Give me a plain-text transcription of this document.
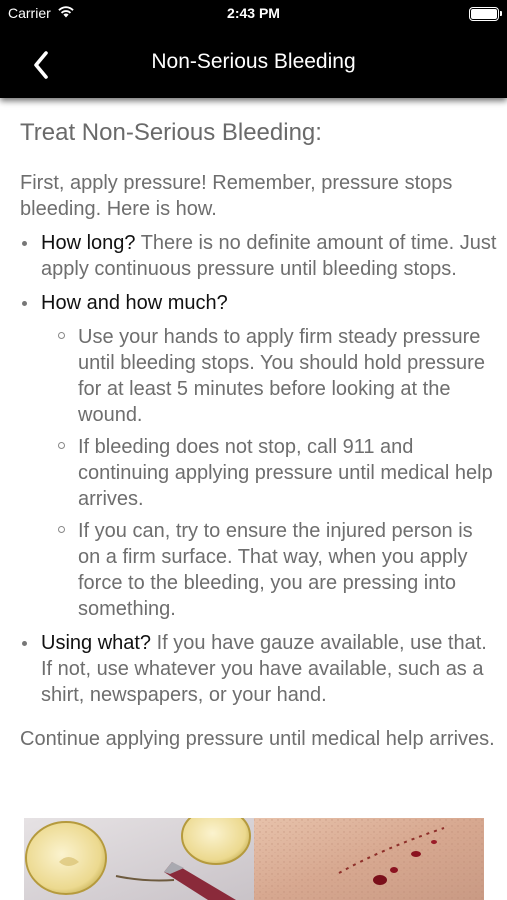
Carrier	2:43 PM
Non-Serious Bleeding
Treat Non-Serious Bleeding:
First, apply pressure! Remember, pressure stops bleeding. Here is how.
How long? There is no definite amount of time. Just apply continuous pressure until bleeding stops.
How and how much?
Use your hands to apply firm steady pressure until bleeding stops. You should hold pressure for at least 5 minutes before looking at the wound.
If bleeding does not stop, call 911 and continuing applying pressure until medical help arrives.
If you can, try to ensure the injured person is on a firm surface. That way, when you apply force to the bleeding, you are pressing into something.
Using what? If you have gauze available, use that. If not, use whatever you have available, such as a shirt, newspapers, or your hand.
Continue applying pressure until medical help arrives.
